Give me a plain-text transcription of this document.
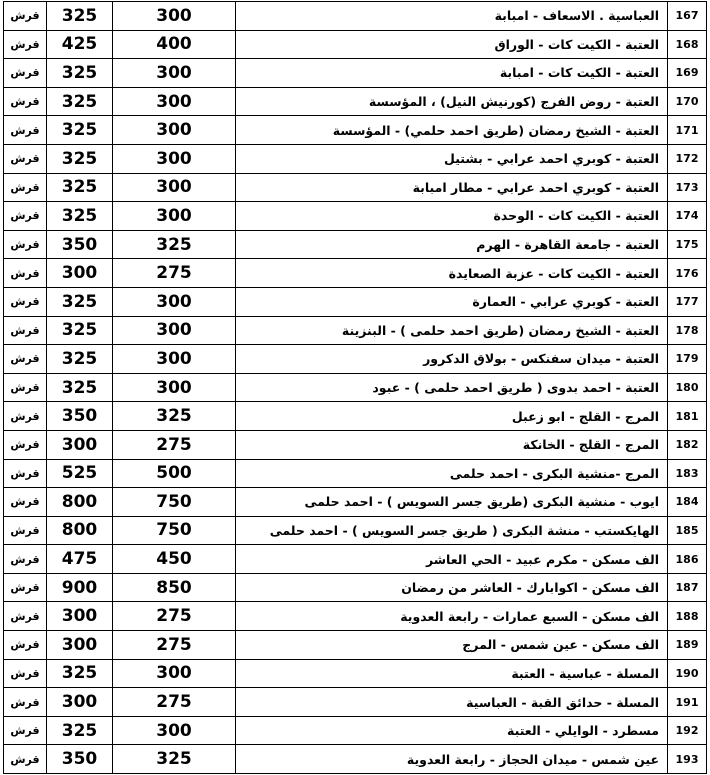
قرش	325	300	العباسية . الاسعاف - امبابة	167
قرش	425	400	العتبة - الكيت كات - الوراق	168
قرش	325	300	العتبة - الكيت كات - امبابة	169
قرش	325	300	العتبة - روض الفرج (كورنيش النيل) ، المؤسسة	170
قرش	325	300	العتبة - الشيخ رمضان (طريق احمد حلمي) - المؤسسة	171
قرش	325	300	العتبة - كوبري احمد عرابي - بشتيل	172
قرش	325	300	العتبة - كوبري احمد عرابي - مطار امبابة	173
قرش	325	300	العتبة - الكيت كات - الوحدة	174
قرش	350	325	العتبة - جامعة القاهرة - الهرم	175
قرش	300	275	العتبة - الكيت كات - عزبة الصعايدة	176
قرش	325	300	العتبة - كوبري عرابي - العمارة	177
قرش	325	300	العتبة - الشيخ رمضان (طريق احمد حلمى ) - البنزينة	178
قرش	325	300	العتبة - ميدان سفنكس - بولاق الدكرور	179
قرش	325	300	العتبة - احمد بدوى ( طريق احمد حلمى ) - عبود	180
قرش	350	325	المرج - القلج - ابو زعبل	181
قرش	300	275	المرج - القلج - الخانكة	182
قرش	525	500	المرج -منشية البكرى - احمد حلمى	183
قرش	800	750	ايوب - منشية البكرى (طريق جسر السويس ) - احمد حلمى	184
قرش	800	750	الهايكستب - منشة البكرى ( طريق جسر السويس ) - احمد حلمى	185
قرش	475	450	الف مسكن - مكرم عبيد - الحي العاشر	186
قرش	900	850	الف مسكن - اكوابارك - العاشر من رمضان	187
قرش	300	275	الف مسكن - السبع عمارات - رابعة العدوية	188
قرش	300	275	الف مسكن - عين شمس - المرج	189
قرش	325	300	المسلة - عباسية - العتبة	190
قرش	300	275	المسلة - حدائق القبة - العباسية	191
قرش	325	300	مسطرد - الوايلي - العتبة	192
قرش	350	325	عين شمس - ميدان الحجاز - رابعة العدوية	193
